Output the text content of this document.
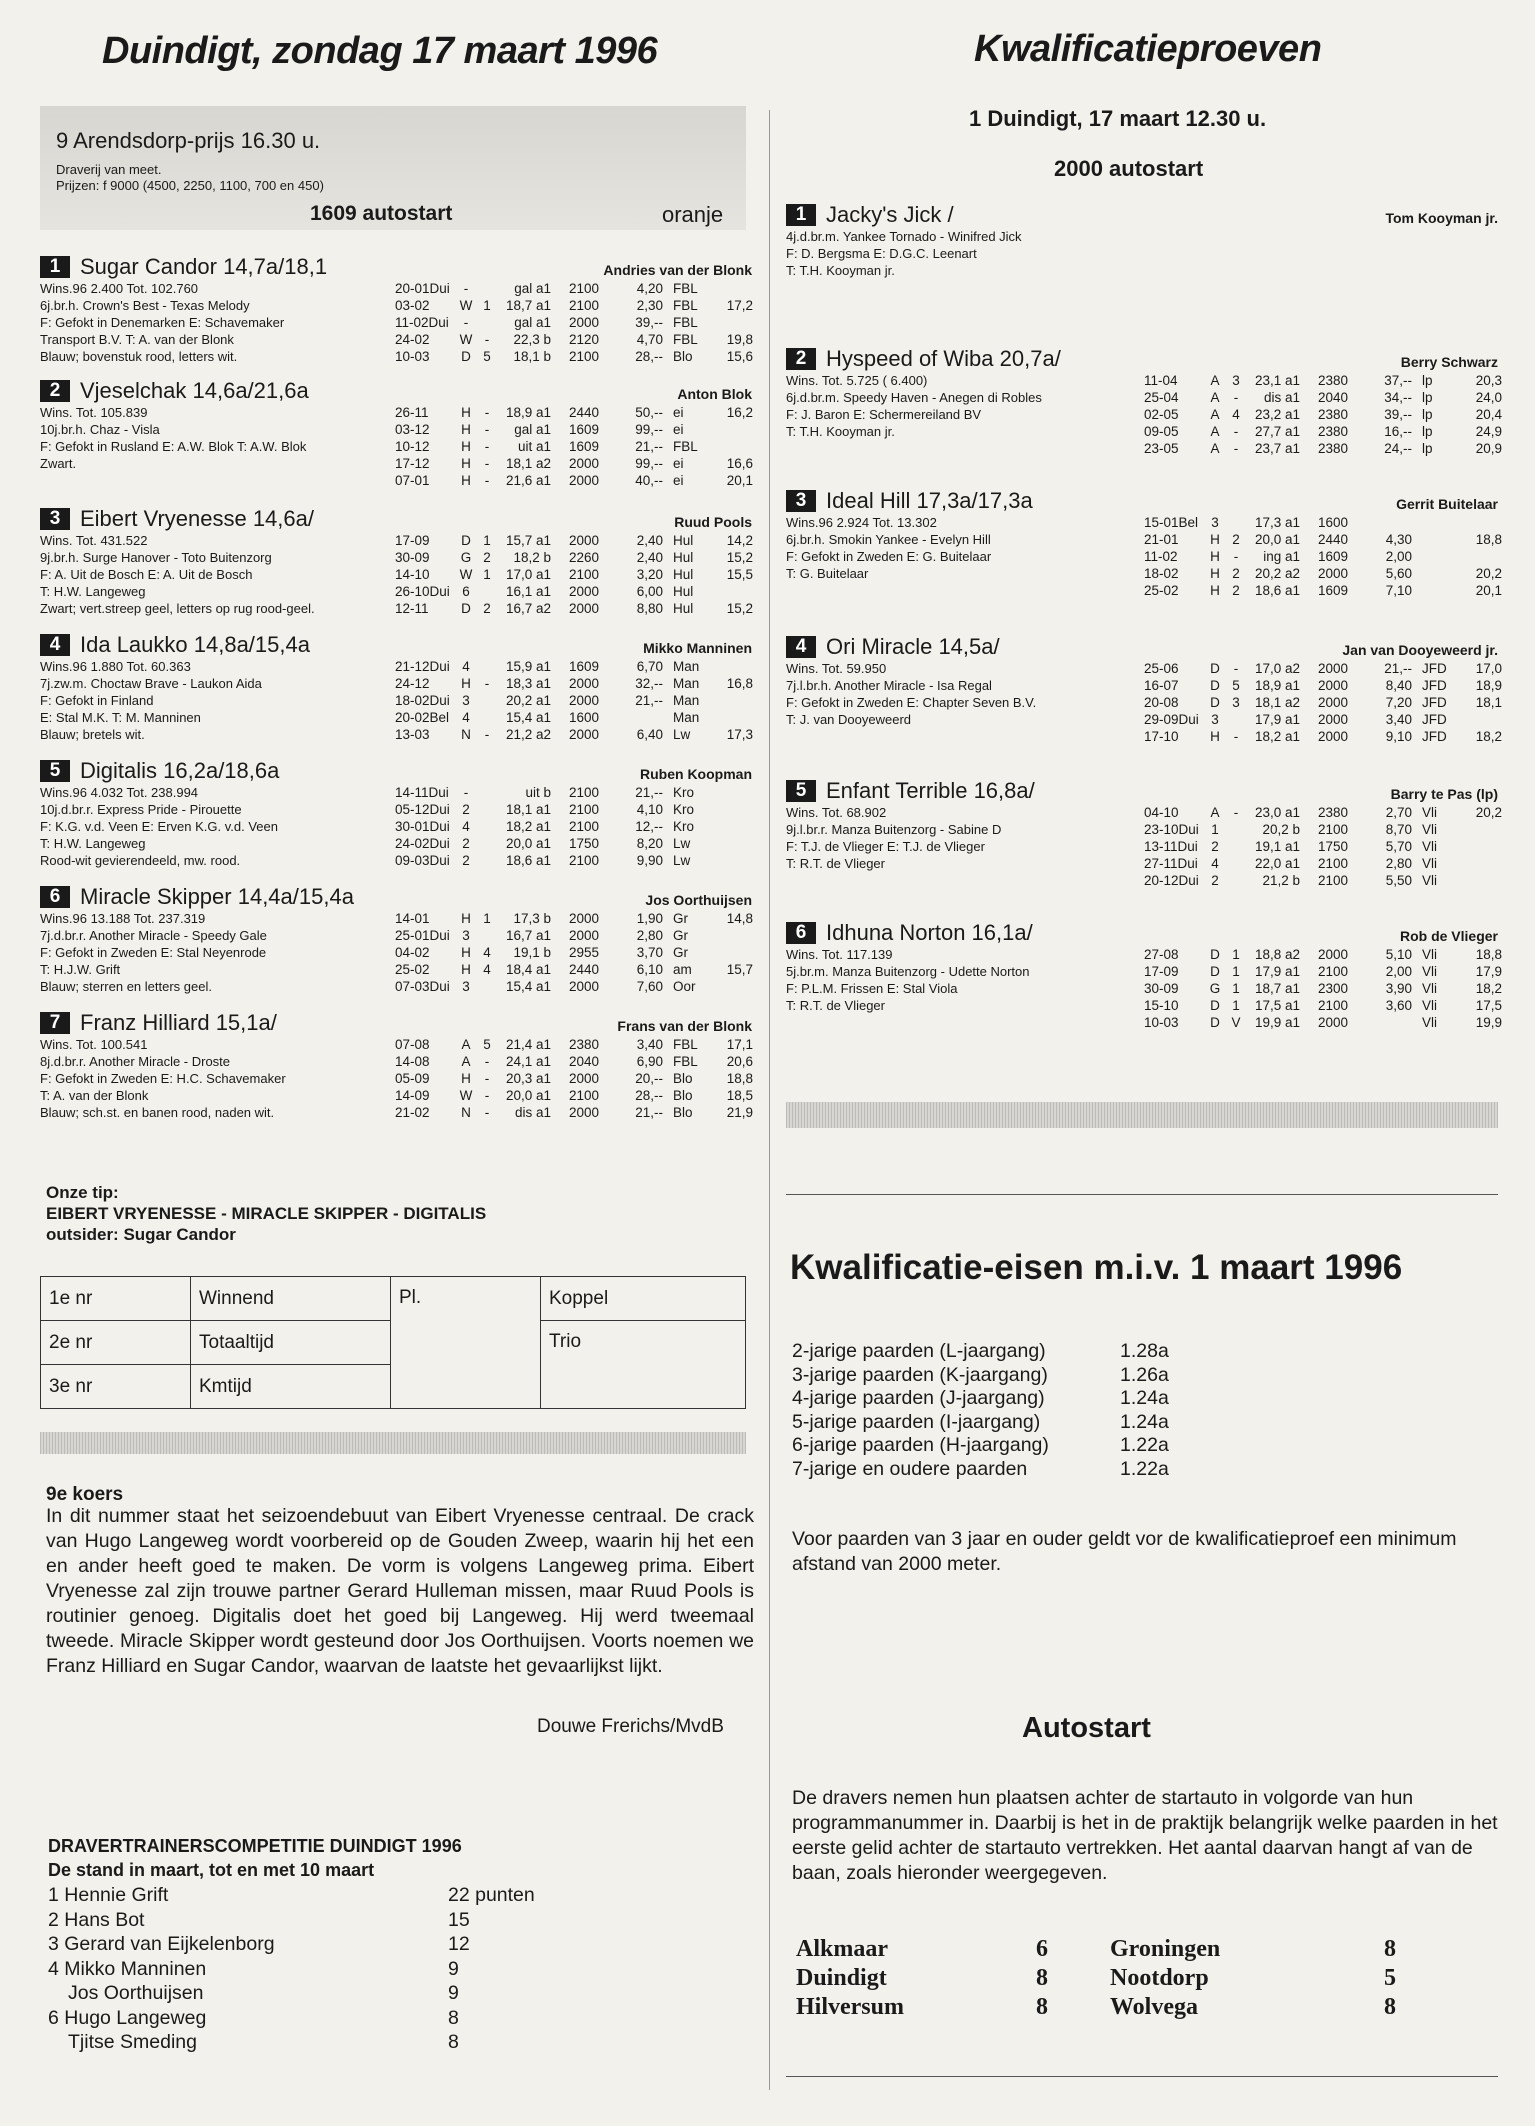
Duindigt, zondag 17 maart 1996	Kwalificatieproeven
9 Arendsdorp-prijs 16.30 u.
Draverij van meet.
Prijzen: f 9000 (4500, 2250, 1100, 700 en 450)
1609 autostart	oranje
1 Sugar Candor 14,7a/18,1	Andries van der Blonk
Wins.96 2.400 Tot. 102.760
6j.br.h. Crown's Best - Texas Melody
F: Gefokt in Denemarken E: Schavemaker
Transport B.V. T: A. van der Blonk
Blauw; bovenstuk rood, letters wit.
20-01Dui	-	gal a1	2100	4,20 FBL
03-02	W 1	18,7 a1	2100	2,30 FBL	17,2
11-02Dui	-	gal a1	2000	39,-- FBL
24-02	W -	22,3 b	2120	4,70 FBL	19,8
10-03	D 5	18,1 b	2100	28,-- Blo	15,6
2 Vjeselchak 14,6a/21,6a	Anton Blok
Wins. Tot. 105.839
10j.br.h. Chaz - Visla
F: Gefokt in Rusland E: A.W. Blok T: A.W. Blok
Zwart.
26-11	H	-	18,9 a1	2440	50,-- ei	16,2
03-12	H	-	gal a1	1609	99,-- ei
10-12	H	-	uit a1	1609	21,-- FBL
17-12	H	-	18,1 a2	2000	99,-- ei	16,6
07-01	H	-	21,6 a1	2000	40,-- ei	20,1
3 Eibert Vryenesse 14,6a/	Ruud Pools
Wins. Tot. 431.522
9j.br.h. Surge Hanover - Toto Buitenzorg
F: A. Uit de Bosch E: A. Uit de Bosch
T: H.W. Langeweg
Zwart; vert.streep geel, letters op rug rood-geel.
17-09	D 1	15,7 a1	2000	2,40 Hul	14,2
30-09	G 2	18,2 b	2260	2,40 Hul	15,2
14-10	W 1	17,0 a1	2100	3,20 Hul	15,5
26-10Dui 6	16,1 a1	2000	6,00 Hul
12-11	D 2	16,7 a2	2000	8,80 Hul	15,2
4 Ida Laukko 14,8a/15,4a	Mikko Manninen
Wins.96 1.880 Tot. 60.363
7j.zw.m. Choctaw Brave - Laukon Aida
F: Gefokt in Finland
E: Stal M.K. T: M. Manninen
Blauw; bretels wit.
21-12Dui 4	15,9 a1	1609	6,70 Man
24-12	H	-	18,3 a1	2000	32,-- Man	16,8
18-02Dui 3	20,2 a1	2000	21,-- Man
20-02Bel 4	15,4 a1	1600	Man
13-03	N	-	21,2 a2	2000	6,40 Lw	17,3
5 Digitalis 16,2a/18,6a	Ruben Koopman
Wins.96 4.032 Tot. 238.994
10j.d.br.r. Express Pride - Pirouette
F: K.G. v.d. Veen E: Erven K.G. v.d. Veen
T: H.W. Langeweg
Rood-wit gevierendeeld, mw. rood.
14-11Dui	-	uit b	2100	21,-- Kro
05-12Dui 2	18,1 a1	2100	4,10 Kro
30-01Dui 4	18,2 a1	2100	12,-- Kro
24-02Dui 2	20,0 a1	1750	8,20 Lw
09-03Dui 2	18,6 a1	2100	9,90 Lw
6 Miracle Skipper 14,4a/15,4a	Jos Oorthuijsen
Wins.96 13.188 Tot. 237.319
7j.d.br.r. Another Miracle - Speedy Gale
F: Gefokt in Zweden E: Stal Neyenrode
T: H.J.W. Grift
Blauw; sterren en letters geel.
14-01	H 1	17,3 b	2000	1,90 Gr	14,8
25-01Dui 3	16,7 a1	2000	2,80 Gr
04-02	H 4	19,1 b	2955	3,70 Gr
25-02	H 4	18,4 a1	2440	6,10 am	15,7
07-03Dui 3	15,4 a1	2000	7,60 Oor
7 Franz Hilliard 15,1a/	Frans van der Blonk
Wins. Tot. 100.541
8j.d.br.r. Another Miracle - Droste
F: Gefokt in Zweden E: H.C. Schavemaker
T: A. van der Blonk
Blauw; sch.st. en banen rood, naden wit.
07-08	A 5	21,4 a1	2380	3,40 FBL	17,1
14-08	A	-	24,1 a1	2040	6,90 FBL	20,6
05-09	H	-	20,3 a1	2000	20,-- Blo	18,8
14-09	W -	20,0 a1	2100	28,-- Blo	18,5
21-02	N	-	dis a1	2000	21,-- Blo	21,9
Onze tip:
EIBERT VRYENESSE - MIRACLE SKIPPER - DIGITALIS
outsider: Sugar Candor
1e nr	Winnend	Pl.	Koppel
2e nr	Totaaltijd		Trio
3e nr	Kmtijd		
9e koers
In dit nummer staat het seizoendebuut van Eibert Vryenesse centraal. De crack van Hugo Langeweg wordt voorbereid op de Gouden Zweep, waarin hij het een en ander heeft goed te maken. De vorm is volgens Langeweg prima. Eibert Vryenesse zal zijn trouwe partner Gerard Hulleman missen, maar Ruud Pools is routinier genoeg. Digitalis doet het goed bij Langeweg. Hij werd tweemaal tweede. Miracle Skipper wordt gesteund door Jos Oorthuijsen. Voorts noemen we Franz Hilliard en Sugar Candor, waarvan de laatste het gevaarlijkst lijkt.
Douwe Frerichs/MvdB
DRAVERTRAINERSCOMPETITIE DUINDIGT 1996
De stand in maart, tot en met 10 maart
1 Hennie Grift	22 punten
2 Hans Bot	15
3 Gerard van Eijkelenborg	12
4 Mikko Manninen	9
Jos Oorthuijsen	9
6 Hugo Langeweg	8
Tjitse Smeding	8
1 Duindigt, 17 maart 12.30 u.
2000 autostart
1 Jacky's Jick /	Tom Kooyman jr.
4j.d.br.m. Yankee Tornado - Winifred Jick
F: D. Bergsma E: D.G.C. Leenart
T: T.H. Kooyman jr.
2 Hyspeed of Wiba 20,7a/	Berry Schwarz
Wins. Tot. 5.725 ( 6.400)
6j.d.br.m. Speedy Haven - Anegen di Robles
F: J. Baron E: Schermereiland BV
T: T.H. Kooyman jr.
11-04	A 3	23,1 a1	2380	37,-- lp	20,3
25-04	A	-	dis a1	2040	34,-- lp	24,0
02-05	A 4	23,2 a1	2380	39,-- lp	20,4
09-05	A	-	27,7 a1	2380	16,-- lp	24,9
23-05	A	-	23,7 a1	2380	24,-- lp	20,9
3 Ideal Hill 17,3a/17,3a	Gerrit Buitelaar
Wins.96 2.924 Tot. 13.302
6j.br.h. Smokin Yankee - Evelyn Hill
F: Gefokt in Zweden E: G. Buitelaar
T: G. Buitelaar
15-01Bel 3	17,3 a1	1600
21-01	H 2	20,0 a1	2440	4,30	18,8
11-02	H	-	ing a1	1609	2,00
18-02	H 2	20,2 a2	2000	5,60	20,2
25-02	H 2	18,6 a1	1609	7,10	20,1
4 Ori Miracle 14,5a/	Jan van Dooyeweerd jr.
Wins. Tot. 59.950
7j.l.br.h. Another Miracle - Isa Regal
F: Gefokt in Zweden E: Chapter Seven B.V.
T: J. van Dooyeweerd
25-06	D	-	17,0 a2	2000	21,-- JFD	17,0
16-07	D 5	18,9 a1	2000	8,40 JFD	18,9
20-08	D 3	18,1 a2	2000	7,20 JFD	18,1
29-09Dui 3	17,9 a1	2000	3,40 JFD
17-10	H	-	18,2 a1	2000	9,10 JFD	18,2
5 Enfant Terrible 16,8a/	Barry te Pas (lp)
Wins. Tot. 68.902
9j.l.br.r. Manza Buitenzorg - Sabine D
F: T.J. de Vlieger E: T.J. de Vlieger
T: R.T. de Vlieger
04-10	A	-	23,0 a1	2380	2,70 Vli	20,2
23-10Dui 1	20,2 b	2100	8,70 Vli
13-11Dui 2	19,1 a1	1750	5,70 Vli
27-11Dui 4	22,0 a1	2100	2,80 Vli
20-12Dui 2	21,2 b	2100	5,50 Vli
6 Idhuna Norton 16,1a/	Rob de Vlieger
Wins. Tot. 117.139
5j.br.m. Manza Buitenzorg - Udette Norton
F: P.L.M. Frissen E: Stal Viola
T: R.T. de Vlieger
27-08	D 1	18,8 a2	2000	5,10 Vli	18,8
17-09	D 1	17,9 a1	2100	2,00 Vli	17,9
30-09	G 1	18,7 a1	2300	3,90 Vli	18,2
15-10	D 1	17,5 a1	2100	3,60 Vli	17,5
10-03	D V	19,9 a1	2000	Vli	19,9
Kwalificatie-eisen m.i.v. 1 maart 1996
2-jarige paarden (L-jaargang)	1.28a
3-jarige paarden (K-jaargang)	1.26a
4-jarige paarden (J-jaargang)	1.24a
5-jarige paarden (I-jaargang)	1.24a
6-jarige paarden (H-jaargang)	1.22a
7-jarige en oudere paarden	1.22a
Voor paarden van 3 jaar en ouder geldt vor de kwalificatieproef een minimum afstand van 2000 meter.
Autostart
De dravers nemen hun plaatsen achter de startauto in volgorde van hun programmanummer in. Daarbij is het in de praktijk belangrijk welke paarden in het eerste gelid achter de startauto vertrekken. Het aantal daarvan hangt af van de baan, zoals hieronder weergegeven.
Alkmaar	6
Duindigt	8
Hilversum	8
Groningen	8
Nootdorp	5
Wolvega	8
